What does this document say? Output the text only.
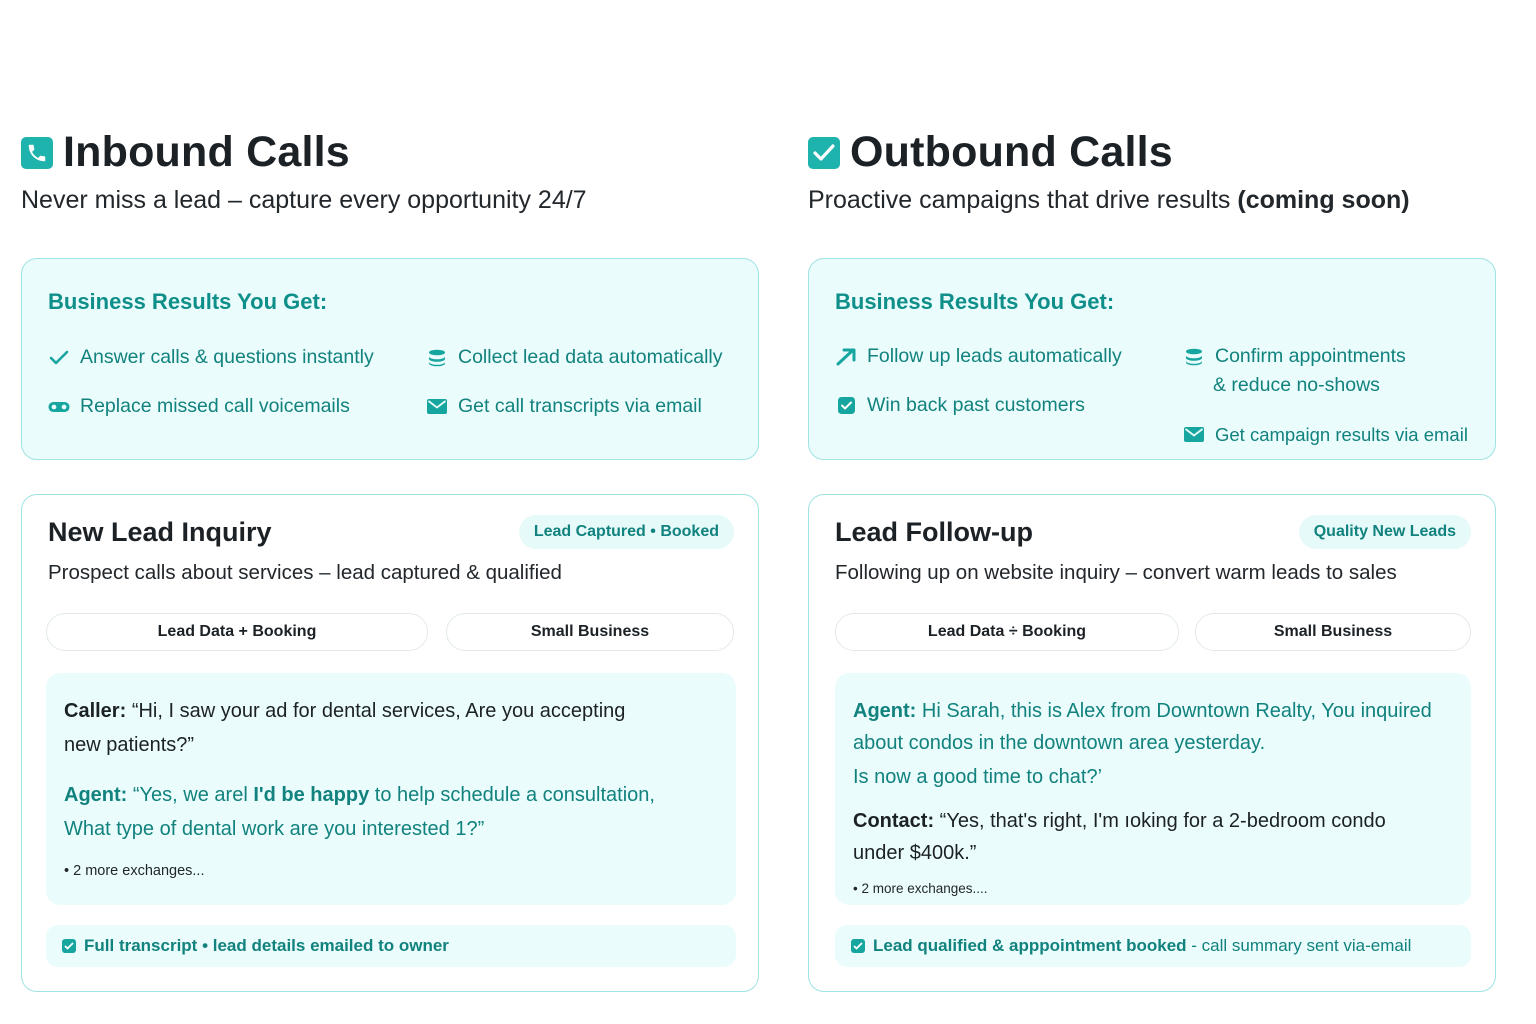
Inbound Calls
Never miss a lead – capture every opportunity 24/7
Business Results You Get:
Answer calls & questions instantly	Collect lead data automatically
Replace missed call voicemails	Get call transcripts via email
New Lead Inquiry	Lead Captured • Booked
Prospect calls about services – lead captured & qualified
Lead Data + Booking	Small Business
Caller: “Hi, I saw your ad for dental services, Are you accepting
new patients?”
Agent: “Yes, we arel I'd be happy to help schedule a consultation,
What type of dental work are you interested 1?”
• 2 more exchanges...
Full transcript • lead details emailed to owner
Outbound Calls
Proactive campaigns that drive results (coming soon)
Business Results You Get:
Follow up leads automatically	Confirm appointments
& reduce no-shows
Win back past customers
Get campaign results via email
Lead Follow-up	Quality New Leads
Following up on website inquiry – convert warm leads to sales
Lead Data ÷ Booking	Small Business
Agent: Hi Sarah, this is Alex from Downtown Realty, You inquired
about condos in the downtown area yesterday.
Is now a good time to chat?’
Contact: “Yes, that's right, I'm ıoking for a 2-bedroom condo
under $400k.”
• 2 more exchanges....
Lead qualified & apppointment booked
- call summary sent via-email
